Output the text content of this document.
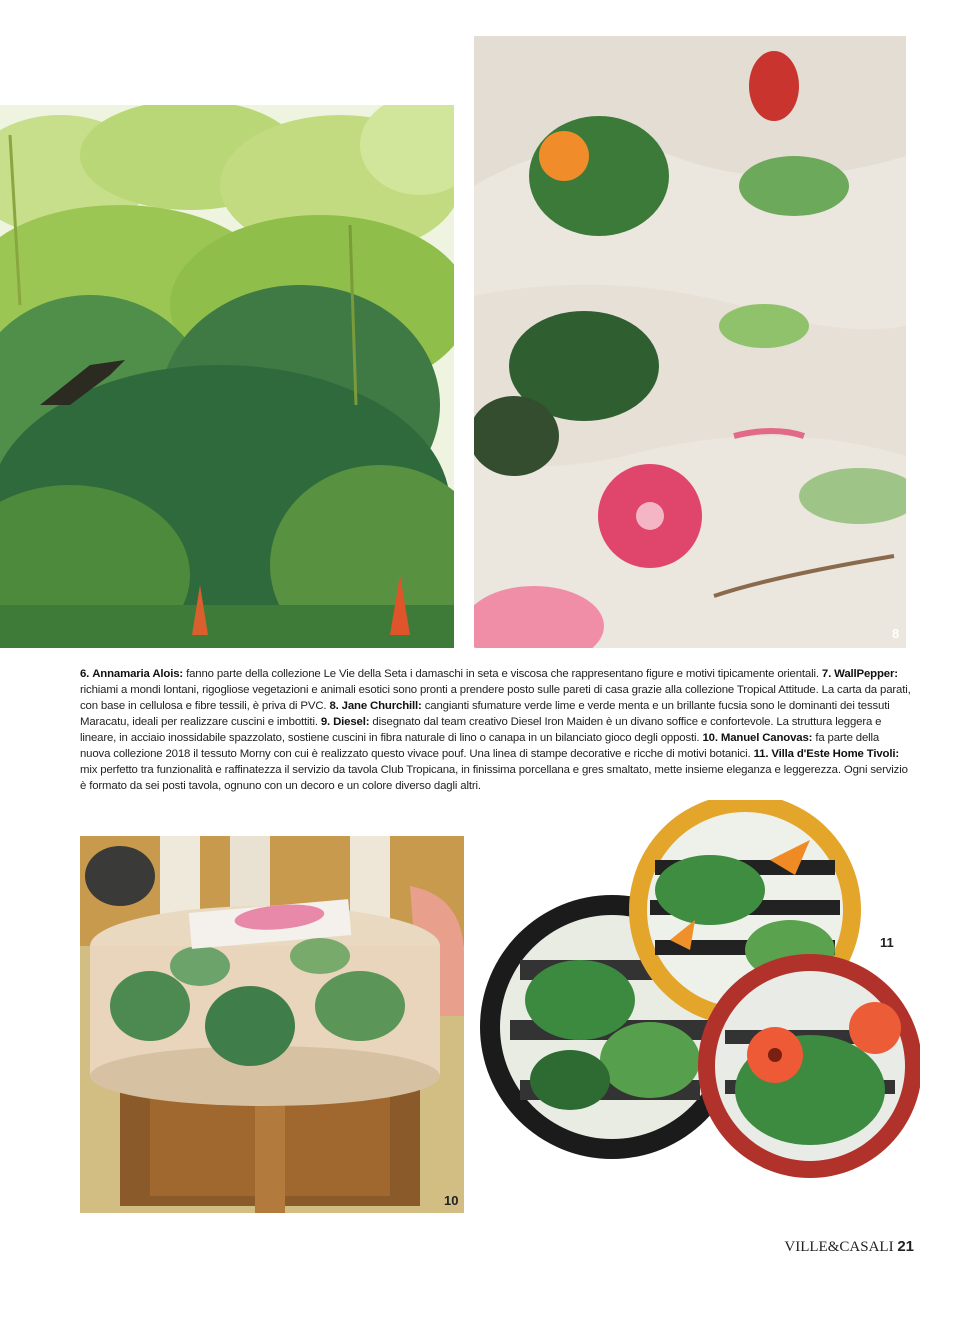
8

6. Annamaria Alois: fanno parte della collezione Le Vie della Seta i damaschi in seta e viscosa che rappresentano figure e motivi tipicamente orientali. 7. WallPepper: richiami a mondi lontani, rigogliose vegetazioni e animali esotici sono pronti a prendere posto sulle pareti di casa grazie alla collezione Tropical Attitude. La carta da parati, con base in cellulosa e fibre tessili, è priva di PVC. 8. Jane Churchill: cangianti sfumature verde lime e verde menta e un brillante fucsia sono le dominanti dei tessuti Maracatu, ideali per realizzare cuscini e imbottiti. 9. Diesel: disegnato dal team creativo Diesel Iron Maiden è un divano soffice e confortevole. La struttura leggera e lineare, in acciaio inossidabile spazzolato, sostiene cuscini in fibra naturale di lino o canapa in un bilanciato gioco degli opposti. 10. Manuel Canovas: fa parte della nuova collezione 2018 il tessuto Morny con cui è realizzato questo vivace pouf. Una linea di stampe decorative e ricche di motivi botanici. 11. Villa d'Este Home Tivoli: mix perfetto tra funzionalità e raffinatezza il servizio da tavola Club Tropicana, in finissima porcellana e gres smaltato, mette insieme eleganza e leggerezza. Ogni servizio è formato da sei posti tavola, ognuno con un decoro e un colore diverso dagli altri.

10
11
VILLE&CASALI 21
